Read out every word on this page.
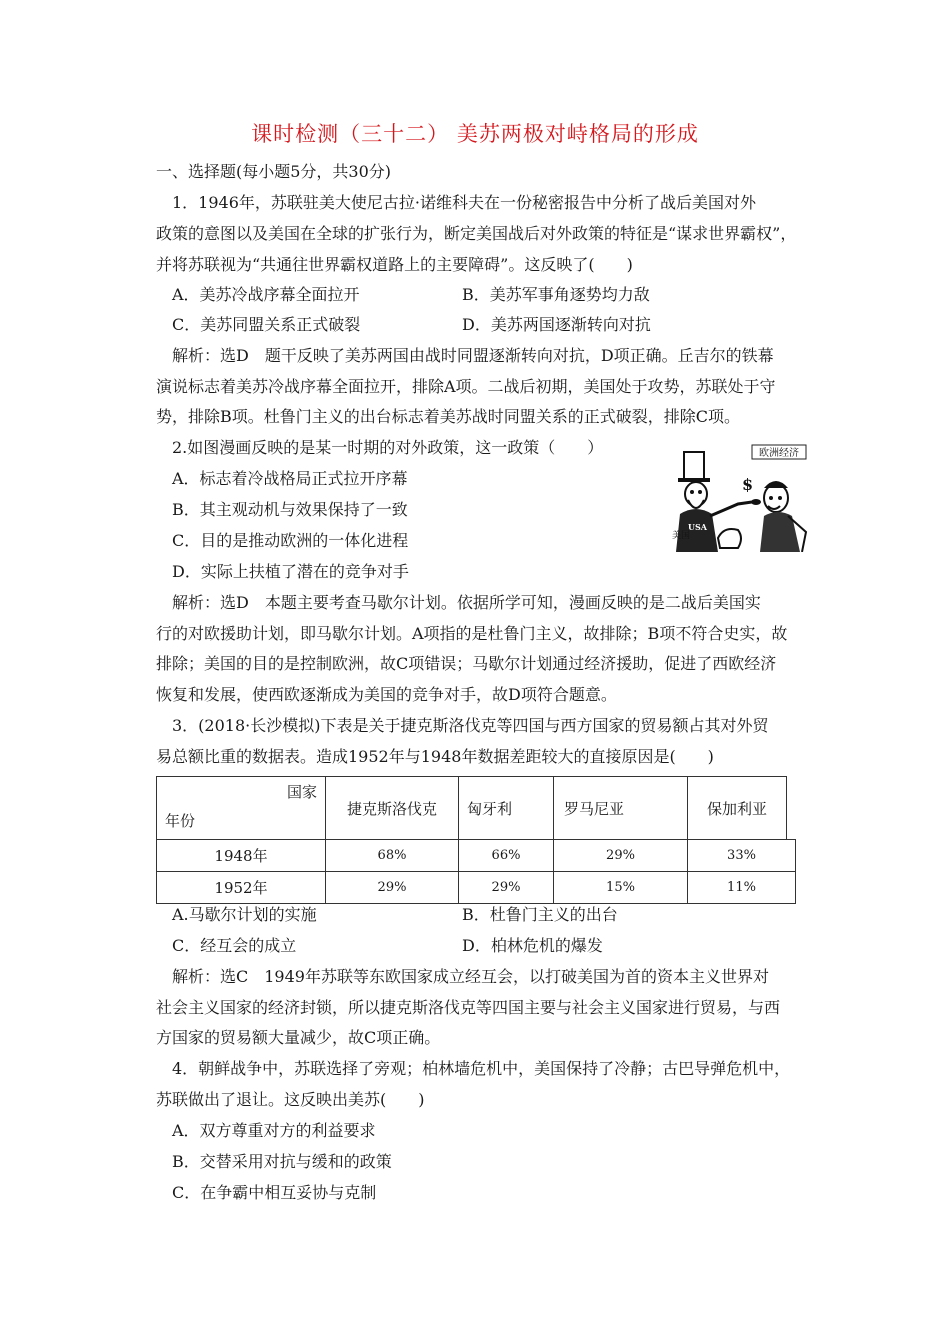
课时检测（三十二） 美苏两极对峙格局的形成
一、选择题(每小题5分，共30分)
1．1946年，苏联驻美大使尼古拉·诺维科夫在一份秘密报告中分析了战后美国对外
政策的意图以及美国在全球的扩张行为，断定美国战后对外政策的特征是“谋求世界霸权”，
并将苏联视为“共通往世界霸权道路上的主要障碍”。这反映了(　　)
A．美苏冷战序幕全面拉开	B．美苏军事角逐势均力敌
C．美苏同盟关系正式破裂	D．美苏两国逐渐转向对抗
解析：选D　题干反映了美苏两国由战时同盟逐渐转向对抗，D项正确。丘吉尔的铁幕
演说标志着美苏冷战序幕全面拉开，排除A项。二战后初期，美国处于攻势，苏联处于守
势，排除B项。杜鲁门主义的出台标志着美苏战时同盟关系的正式破裂，排除C项。
2.如图漫画反映的是某一时期的对外政策，这一政策（　　）
A．标志着冷战格局正式拉开序幕
B．其主观动机与效果保持了一致
C．目的是推动欧洲的一体化进程
D．实际上扶植了潜在的竞争对手
欧洲经济
USA
美国
$
解析：选D　本题主要考查马歇尔计划。依据所学可知，漫画反映的是二战后美国实
行的对欧援助计划，即马歇尔计划。A项指的是杜鲁门主义，故排除；B项不符合史实，故
排除；美国的目的是控制欧洲，故C项错误；马歇尔计划通过经济援助，促进了西欧经济
恢复和发展，使西欧逐渐成为美国的竞争对手，故D项符合题意。
3．(2018·长沙模拟)下表是关于捷克斯洛伐克等四国与西方国家的贸易额占其对外贸
易总额比重的数据表。造成1952年与1948年数据差距较大的直接原因是(　　)
国家
年份
捷克斯洛伐克	匈牙利	罗马尼亚	保加利亚
1948年	68%	66%	29%	33%
1952年	29%	29%	15%	11%
A.马歇尔计划的实施	B．杜鲁门主义的出台
C．经互会的成立	D．柏林危机的爆发
解析：选C　1949年苏联等东欧国家成立经互会，以打破美国为首的资本主义世界对
社会主义国家的经济封锁，所以捷克斯洛伐克等四国主要与社会主义国家进行贸易，与西
方国家的贸易额大量减少，故C项正确。
4．朝鲜战争中，苏联选择了旁观；柏林墙危机中，美国保持了冷静；古巴导弹危机中，
苏联做出了退让。这反映出美苏(　　)
A．双方尊重对方的利益要求
B．交替采用对抗与缓和的政策
C．在争霸中相互妥协与克制
